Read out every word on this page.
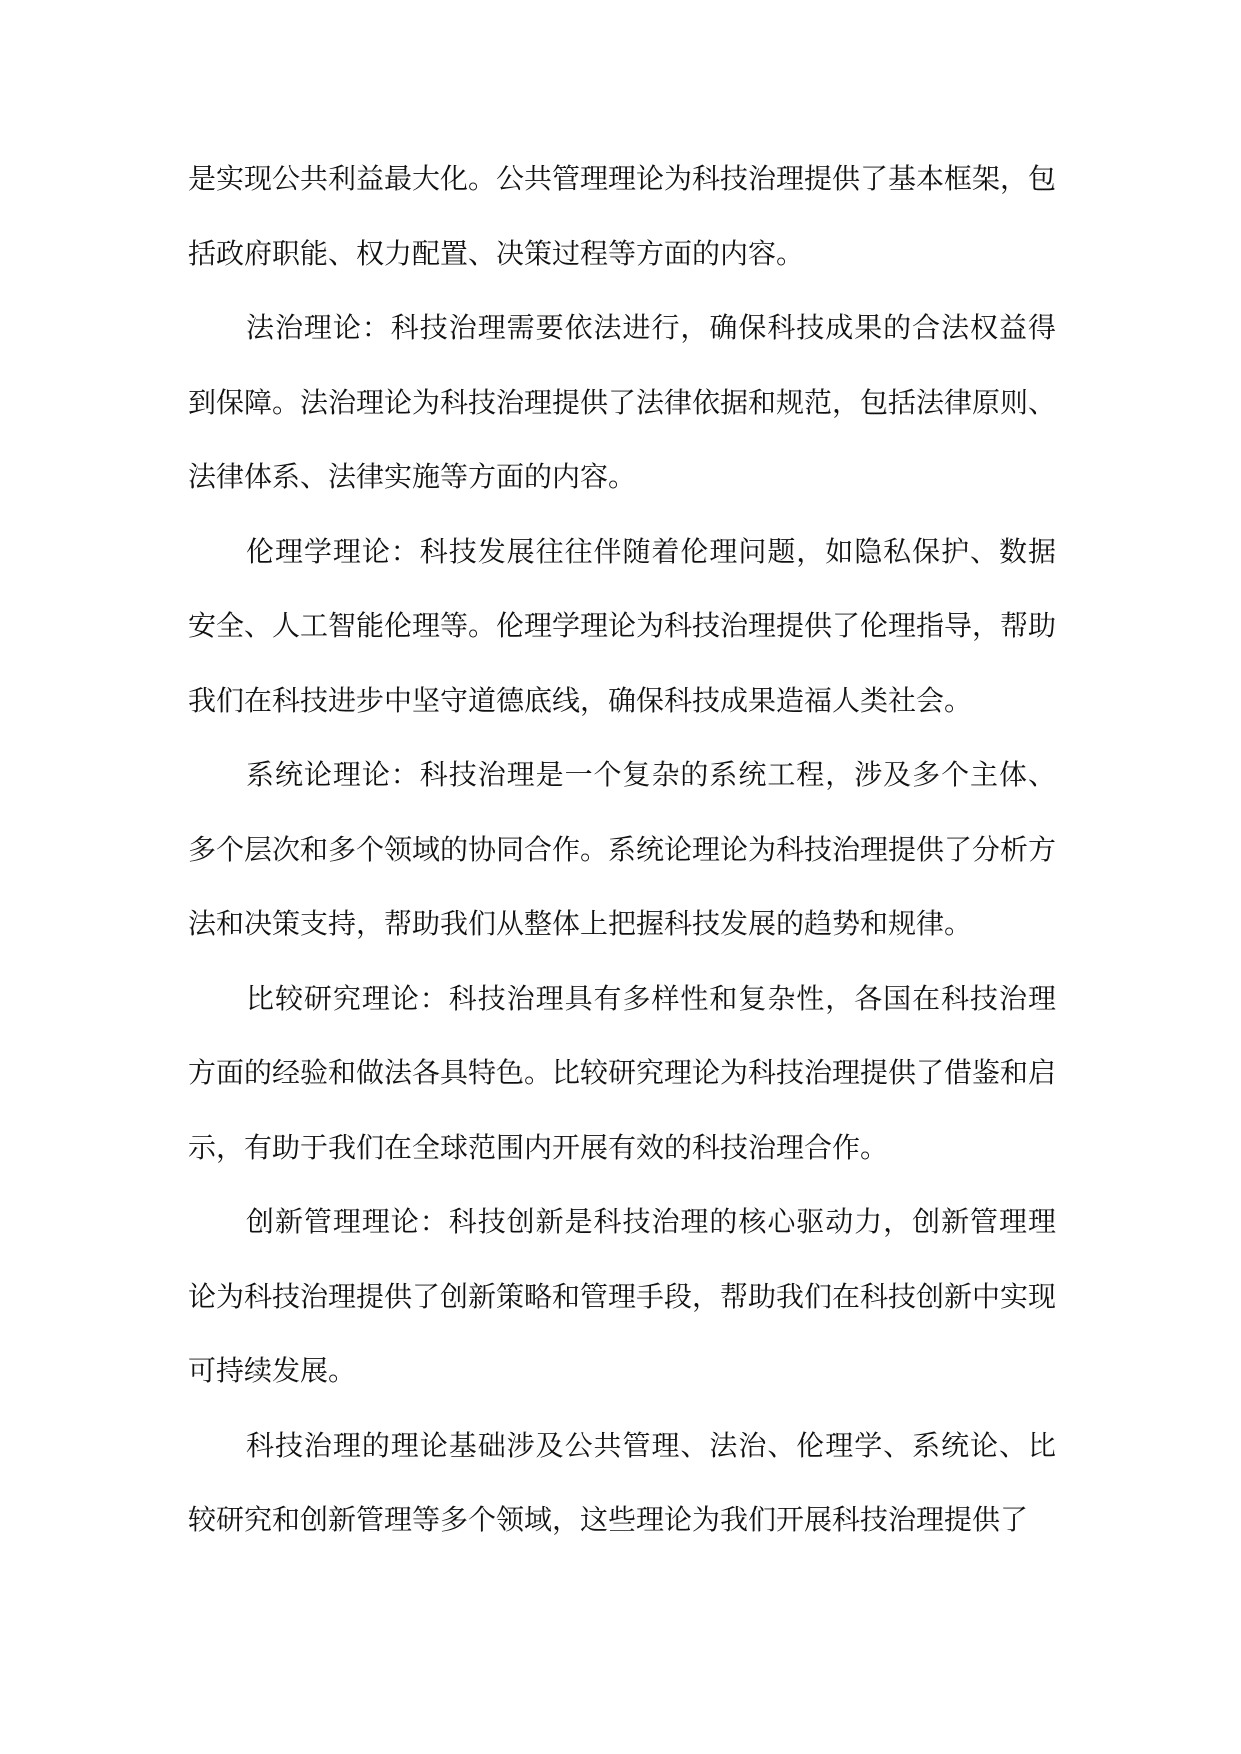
是实现公共利益最大化。公共管理理论为科技治理提供了基本框架，包括政府职能、权力配置、决策过程等方面的内容。

法治理论：科技治理需要依法进行，确保科技成果的合法权益得到保障。法治理论为科技治理提供了法律依据和规范，包括法律原则、法律体系、法律实施等方面的内容。

伦理学理论：科技发展往往伴随着伦理问题，如隐私保护、数据安全、人工智能伦理等。伦理学理论为科技治理提供了伦理指导，帮助我们在科技进步中坚守道德底线，确保科技成果造福人类社会。

系统论理论：科技治理是一个复杂的系统工程，涉及多个主体、多个层次和多个领域的协同合作。系统论理论为科技治理提供了分析方法和决策支持，帮助我们从整体上把握科技发展的趋势和规律。

比较研究理论：科技治理具有多样性和复杂性，各国在科技治理方面的经验和做法各具特色。比较研究理论为科技治理提供了借鉴和启示，有助于我们在全球范围内开展有效的科技治理合作。

创新管理理论：科技创新是科技治理的核心驱动力，创新管理理论为科技治理提供了创新策略和管理手段，帮助我们在科技创新中实现可持续发展。

科技治理的理论基础涉及公共管理、法治、伦理学、系统论、比较研究和创新管理等多个领域，这些理论为我们开展科技治理提供了
